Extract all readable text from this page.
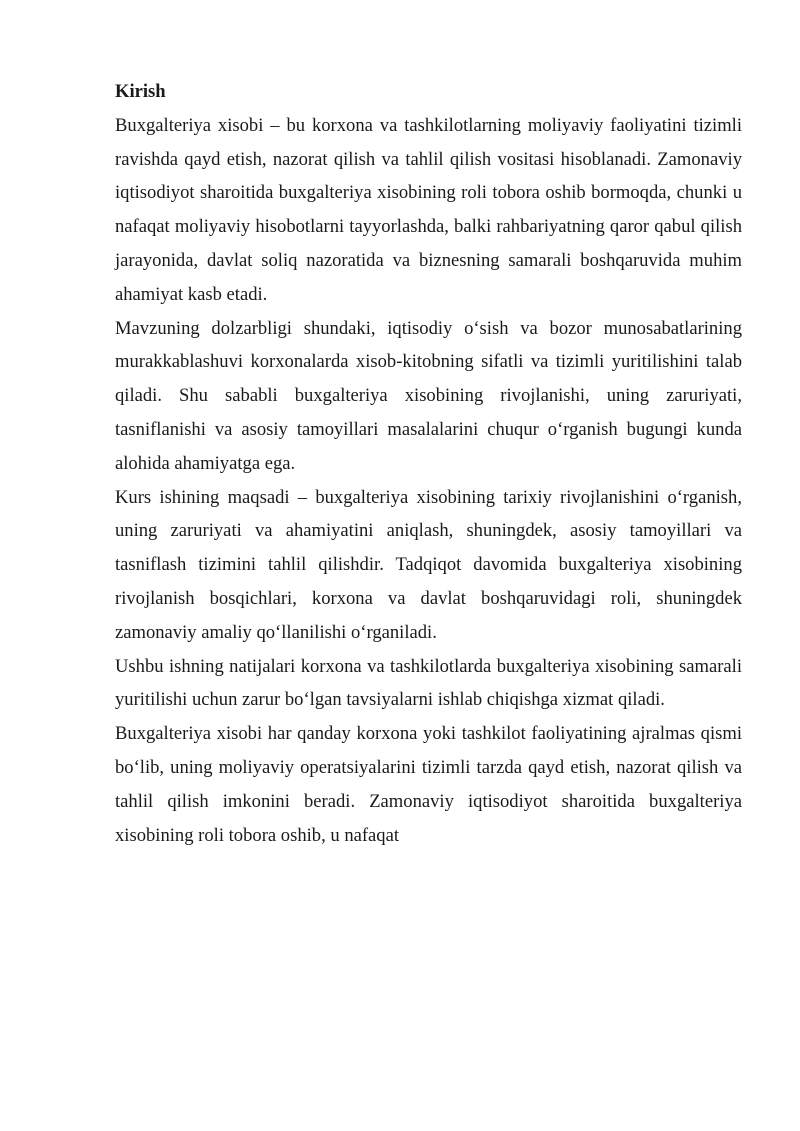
Kirish

Buxgalteriya xisobi – bu korxona va tashkilotlarning moliyaviy faoliyatini tizimli ravishda qayd etish, nazorat qilish va tahlil qilish vositasi hisoblanadi. Zamonaviy iqtisodiyot sharoitida buxgalteriya xisobining roli tobora oshib bormoqda, chunki u nafaqat moliyaviy hisobotlarni tayyorlashda, balki rahbariyatning qaror qabul qilish jarayonida, davlat soliq nazoratida va biznesning samarali boshqaruvida muhim ahamiyat kasb etadi.

Mavzuning dolzarbligi shundaki, iqtisodiy o‘sish va bozor munosabatlarining murakkablashuvi korxonalarda xisob-kitobning sifatli va tizimli yuritilishini talab qiladi. Shu sababli buxgalteriya xisobining rivojlanishi, uning zaruriyati, tasniflanishi va asosiy tamoyillari masalalarini chuqur o‘rganish bugungi kunda alohida ahamiyatga ega.

Kurs ishining maqsadi – buxgalteriya xisobining tarixiy rivojlanishini o‘rganish, uning zaruriyati va ahamiyatini aniqlash, shuningdek, asosiy tamoyillari va tasniflash tizimini tahlil qilishdir. Tadqiqot davomida buxgalteriya xisobining rivojlanish bosqichlari, korxona va davlat boshqaruvidagi roli, shuningdek zamonaviy amaliy qo‘llanilishi o‘rganiladi.

Ushbu ishning natijalari korxona va tashkilotlarda buxgalteriya xisobining samarali yuritilishi uchun zarur bo‘lgan tavsiyalarni ishlab chiqishga xizmat qiladi.

Buxgalteriya xisobi har qanday korxona yoki tashkilot faoliyatining ajralmas qismi bo‘lib, uning moliyaviy operatsiyalarini tizimli tarzda qayd etish, nazorat qilish va tahlil qilish imkonini beradi. Zamonaviy iqtisodiyot sharoitida buxgalteriya xisobining roli tobora oshib, u nafaqat
